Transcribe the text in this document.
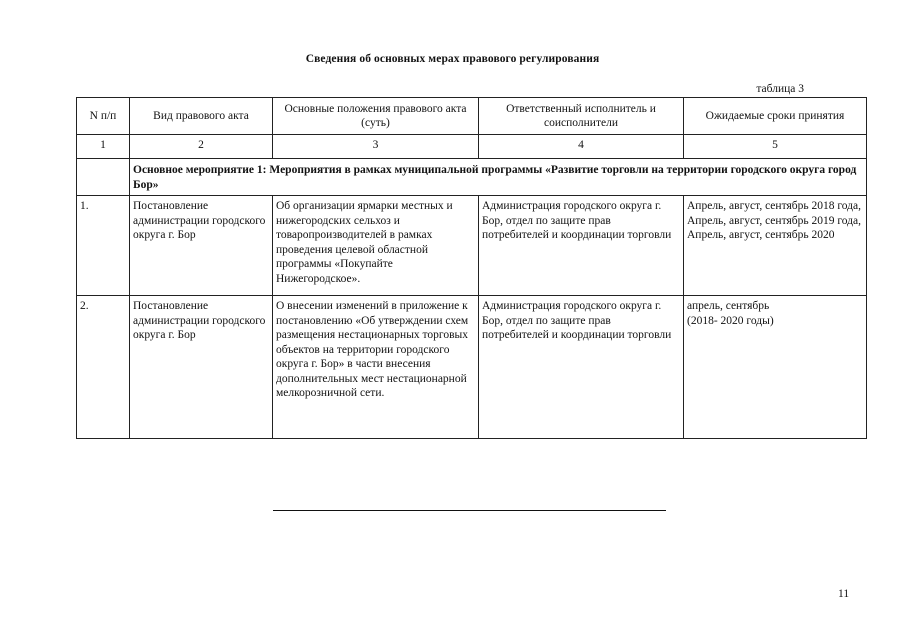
Сведения об основных мерах правового регулирования
таблица 3
N п/п	Вид правового акта	Основные положения правового акта (суть)	Ответственный исполнитель и соисполнители	Ожидаемые сроки принятия
1	2	3	4	5
	Основное мероприятие 1: Мероприятия в рамках муниципальной программы «Развитие торговли на территории городского округа город Бор»			
1.	Постановление администрации городского округа г. Бор	Об организации ярмарки местных и нижегородских сельхоз и товаропроизводителей в рамках проведения целевой областной программы «Покупайте Нижегородское».	Администрация городского округа г. Бор, отдел по защите прав потребителей и координации торговли	Апрель, август, сентябрь 2018 года,
Апрель, август, сентябрь 2019 года,
Апрель, август, сентябрь 2020

2.	Постановление администрации городского округа г. Бор	О внесении изменений в приложение к постановлению «Об утверждении схем размещения нестационарных торговых объектов на территории городского округа г. Бор» в части внесения дополнительных мест нестационарной мелкорозничной сети.	Администрация городского округа г. Бор, отдел по защите прав потребителей и координации торговли	апрель, сентябрь
(2018- 2020 годы)
11
